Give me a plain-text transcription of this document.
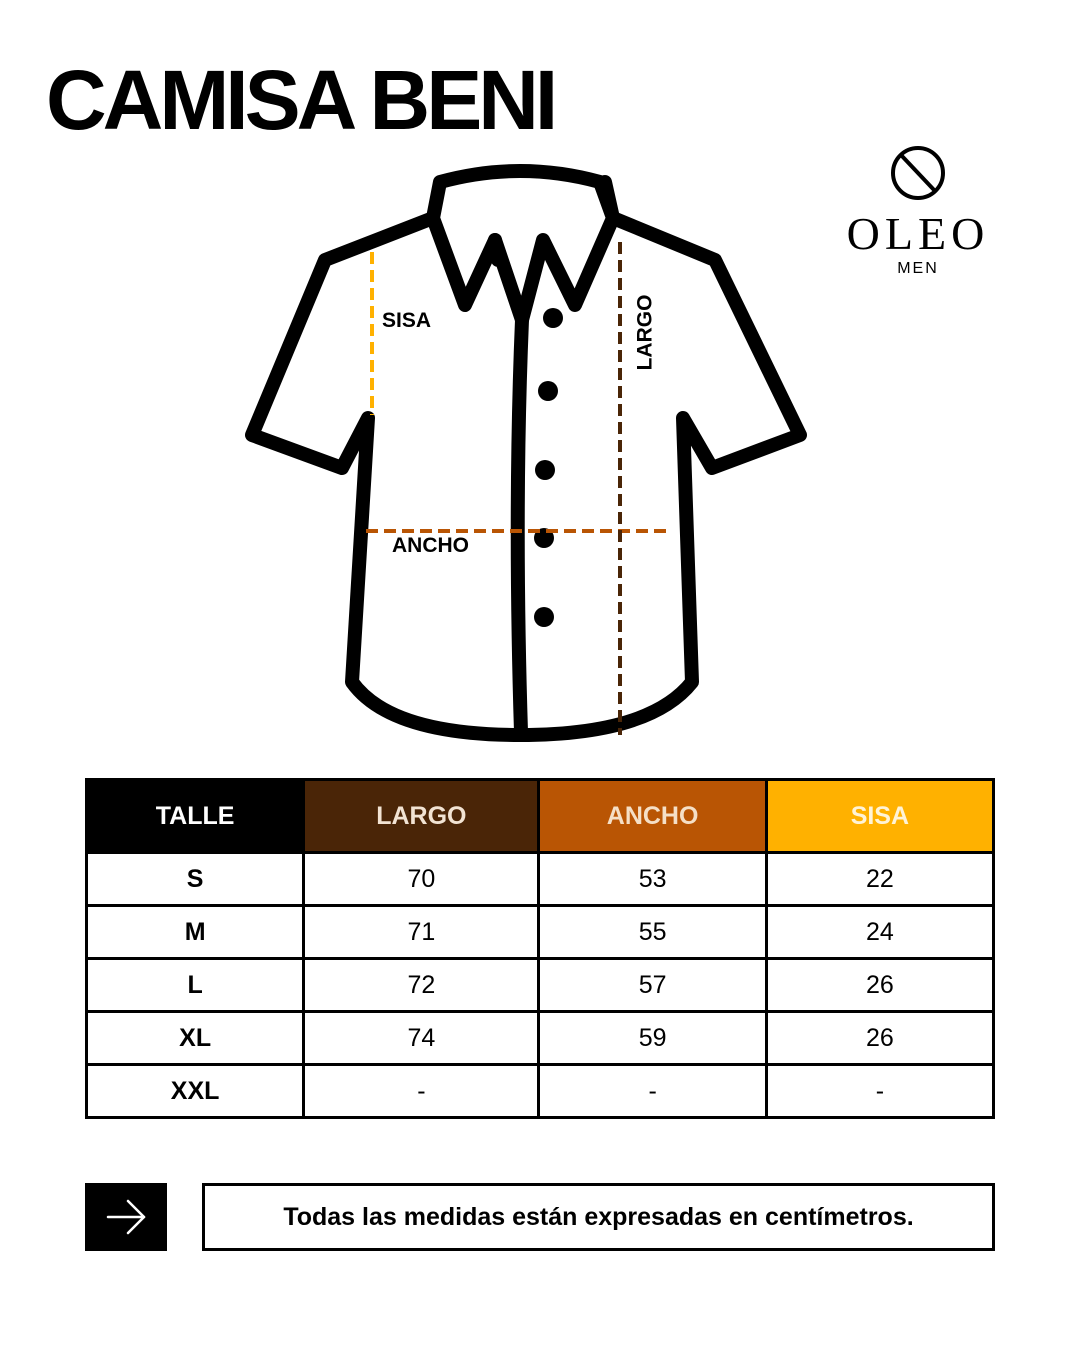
CAMISA BENI
OLEO
MEN
SISA
ANCHO
LARGO
TALLE	LARGO	ANCHO	SISA
S	70	53	22
M	71	55	24
L	72	57	26
XL	74	59	26
XXL	-	-	-
Todas las medidas están expresadas en centímetros.
